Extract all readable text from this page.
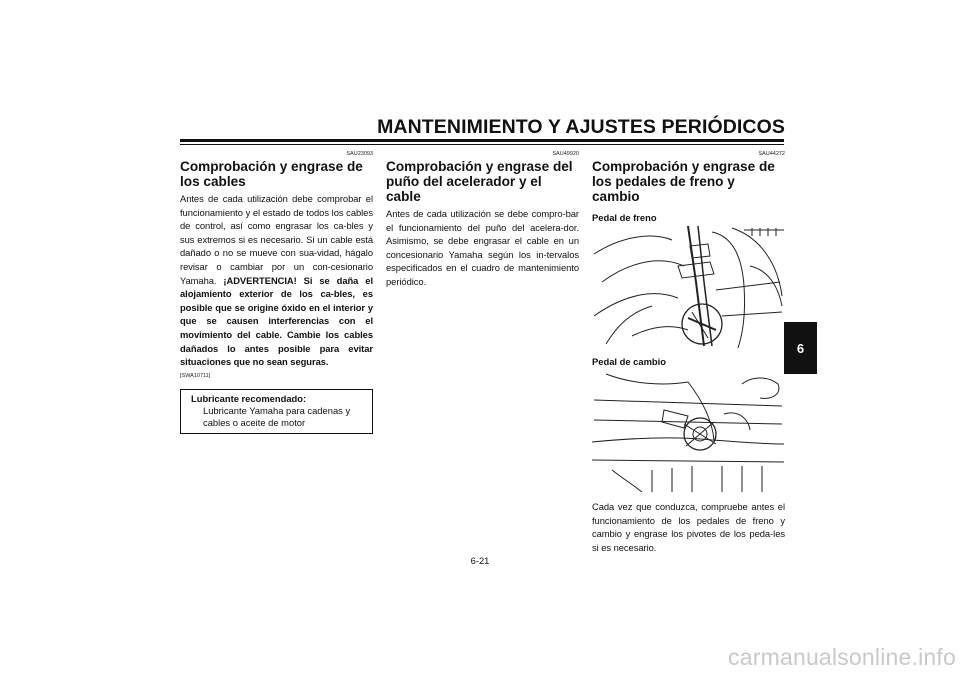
MANTENIMIENTO Y AJUSTES PERIÓDICOS
SAU23093
Comprobación y engrase de los cables

Antes de cada utilización debe comprobar el funcionamiento y el estado de todos los cables de control, así como engrasar los ca-bles y sus extremos si es necesario. Si un cable está dañado o no se mueve con sua-vidad, hágalo revisar o cambiar por un con-cesionario Yamaha. ¡ADVERTENCIA! Si se daña el alojamiento exterior de los ca-bles, es posible que se origine óxido en el interior y que se causen interferencias con el movimiento del cable. Cambie los cables dañados lo antes posible para evitar situaciones que no sean seguras.

[SWA10711]
Lubricante recomendado:
Lubricante Yamaha para cadenas y cables o aceite de motor
SAU49920
Comprobación y engrase del puño del acelerador y el cable

Antes de cada utilización se debe compro-bar el funcionamiento del puño del acelera-dor. Asimismo, se debe engrasar el cable en un concesionario Yamaha según los in-tervalos especificados en el cuadro de mantenimiento periódico.

SAU44272
Comprobación y engrase de los pedales de freno y cambio
Pedal de freno
Pedal de cambio

Cada vez que conduzca, compruebe antes el funcionamiento de los pedales de freno y cambio y engrase los pivotes de los peda-les si es necesario.

6
6-21
carmanualsonline.info
